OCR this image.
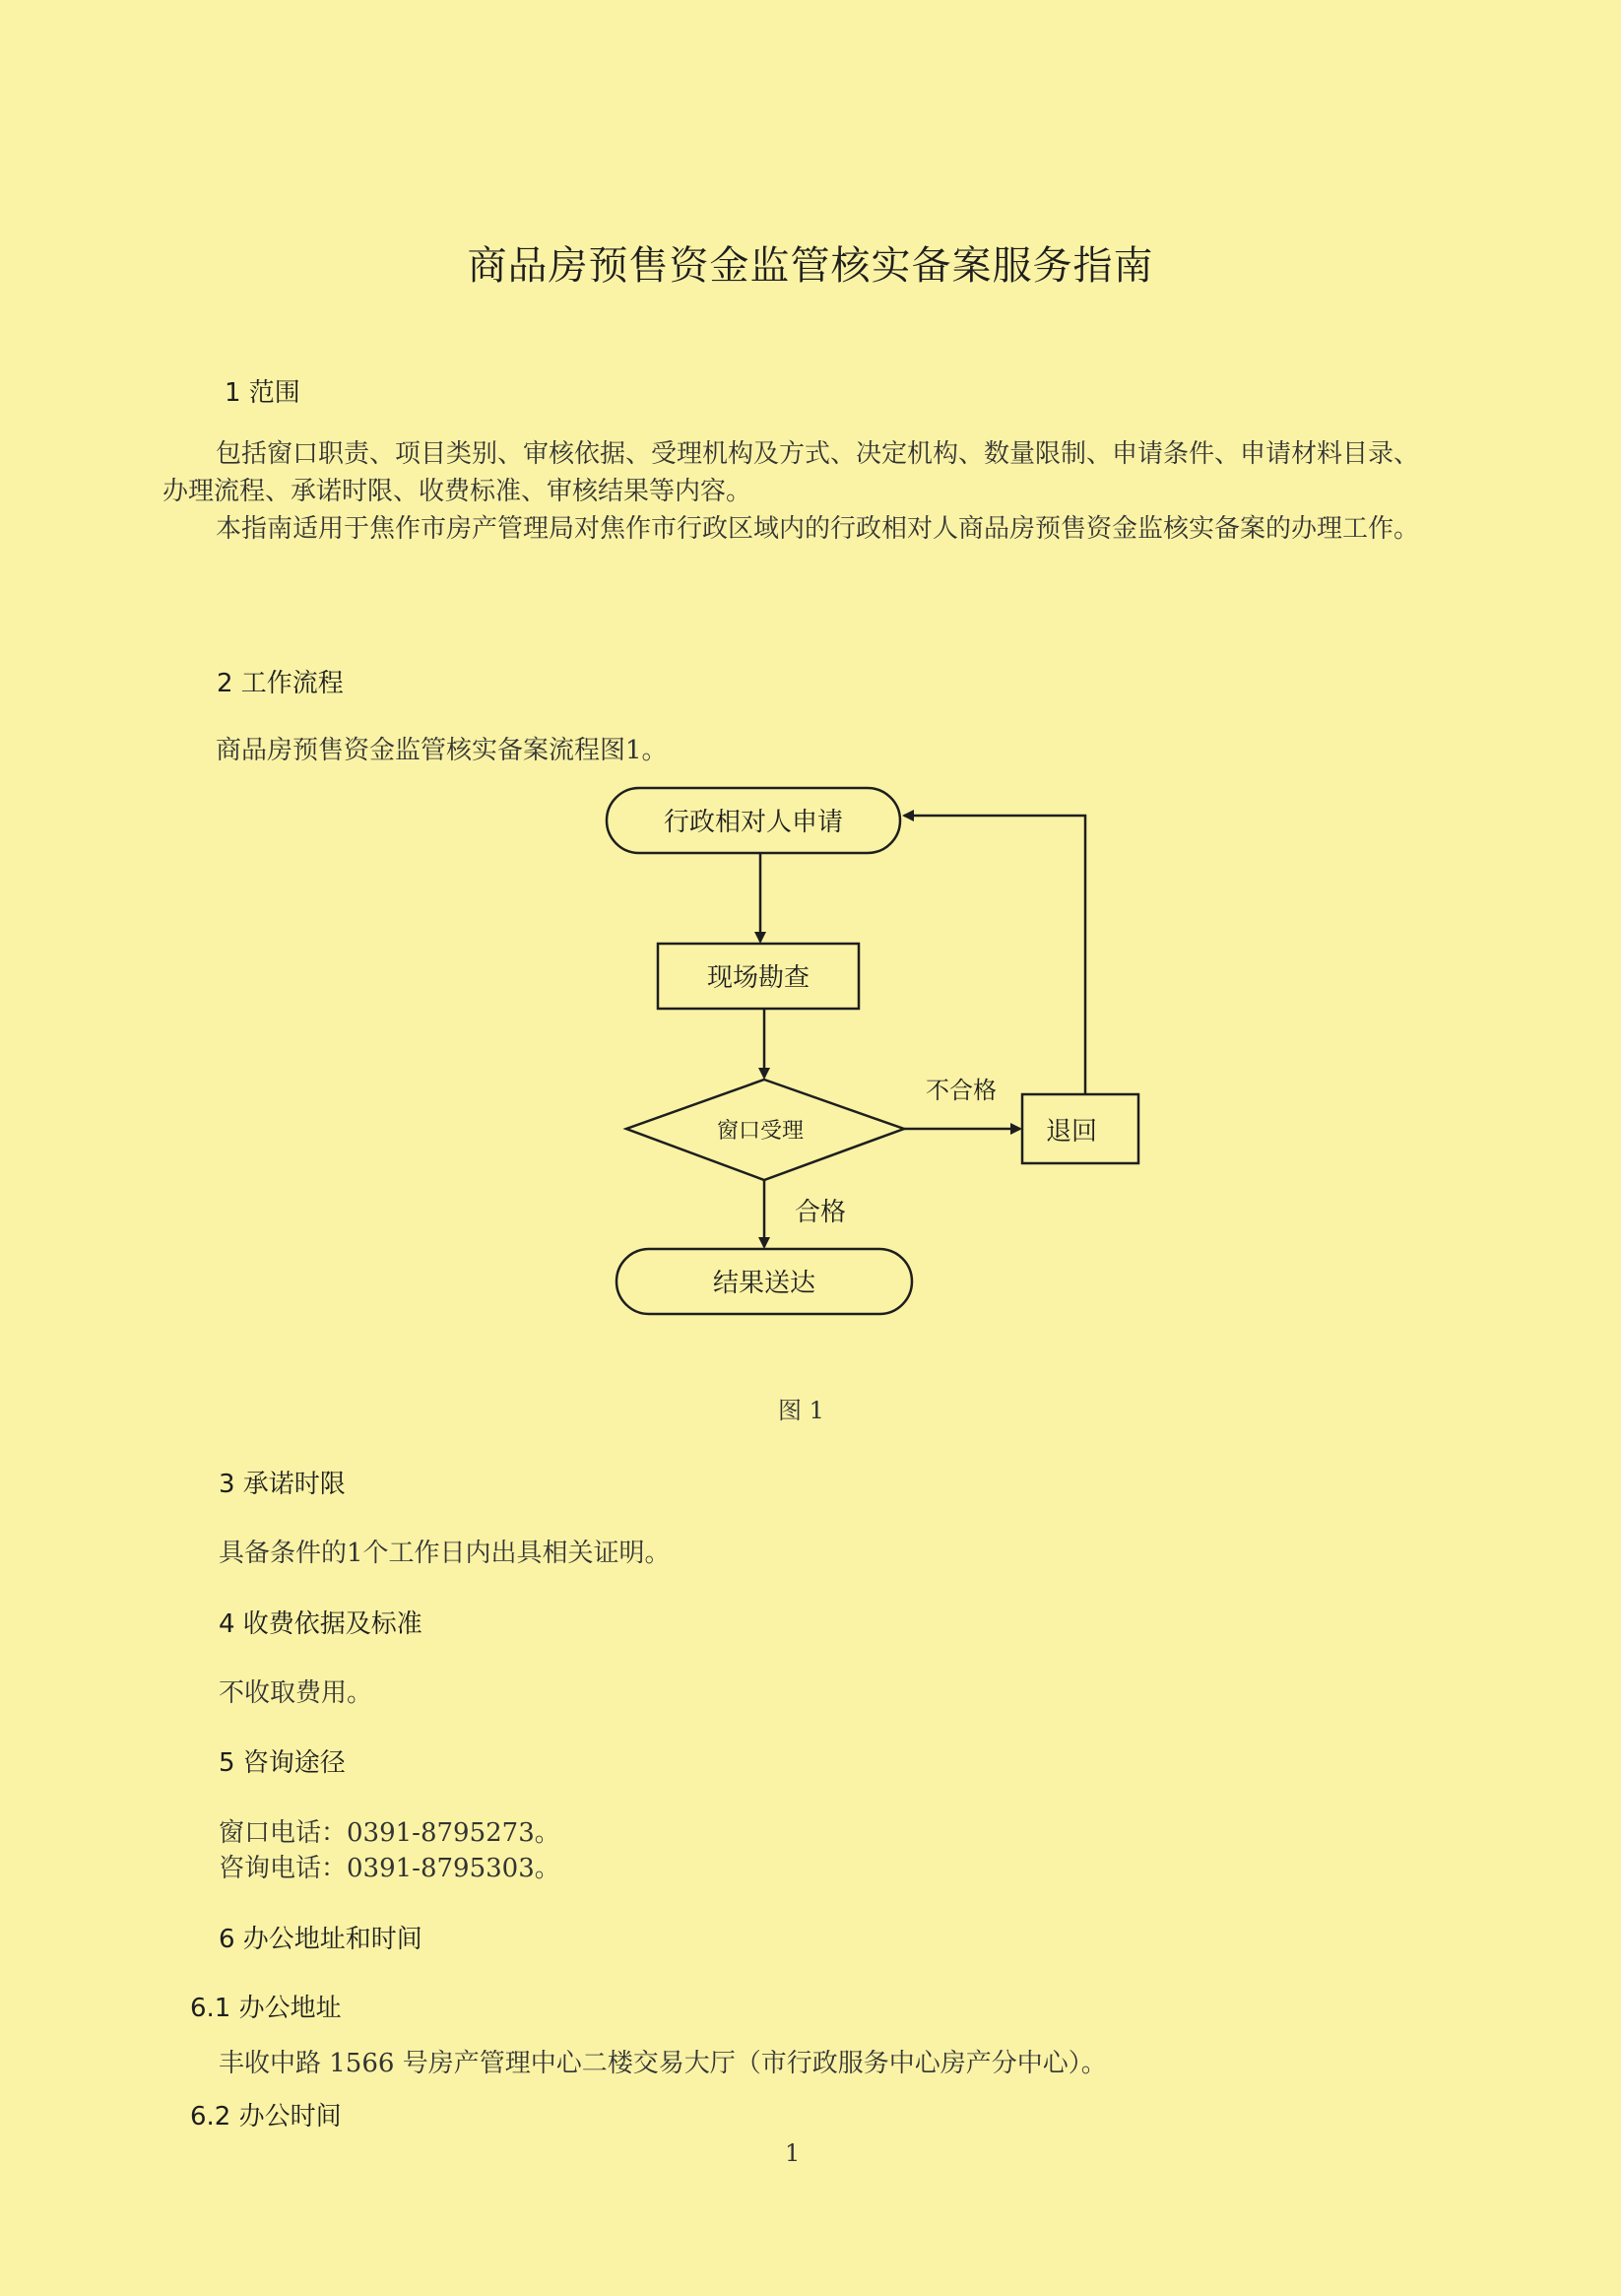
商品房预售资金监管核实备案服务指南
1 范围

包括窗口职责、项目类别、审核依据、受理机构及方式、决定机构、数量限制、申请条件、申请材料目录、办理流程、承诺时限、收费标准、审核结果等内容。

本指南适用于焦作市房产管理局对焦作市行政区域内的行政相对人商品房预售资金监核实备案的办理工作。

2 工作流程
商品房预售资金监管核实备案流程图1。
行政相对人申请
现场勘查
窗口受理
不合格
退回
合格
结果送达
图 1
3 承诺时限
具备条件的1个工作日内出具相关证明。
4 收费依据及标准
不收取费用。
5 咨询途径
窗口电话：0391-8795273。
咨询电话：0391-8795303。
6 办公地址和时间
6.1 办公地址
丰收中路 1566 号房产管理中心二楼交易大厅（市行政服务中心房产分中心）。
6.2 办公时间
1
